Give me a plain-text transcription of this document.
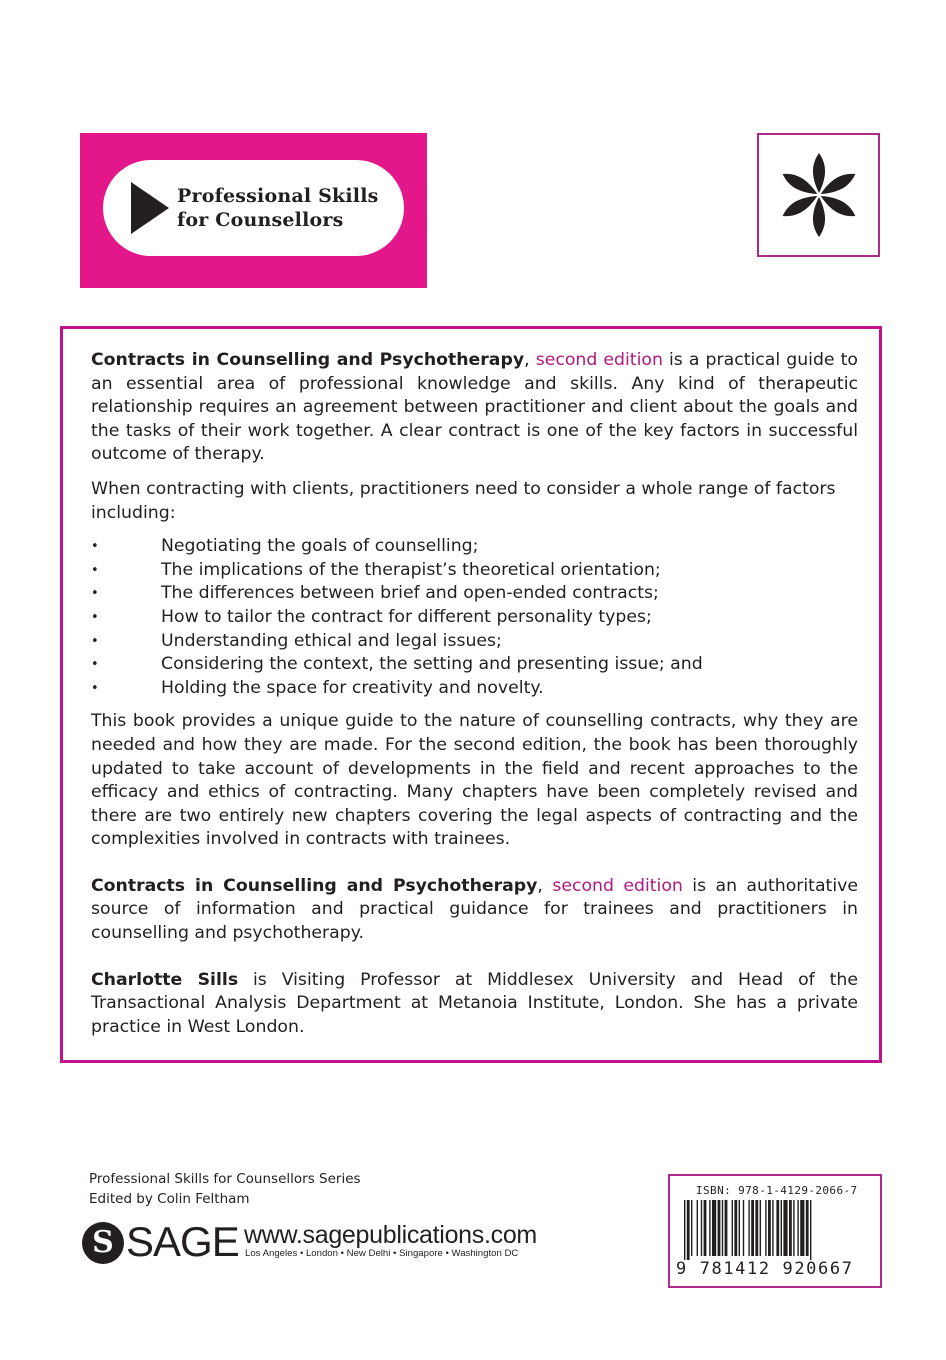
Professional Skills
for Counsellors

Contracts in Counselling and Psychotherapy, second edition is a practical guide to an essential area of professional knowledge and skills. Any kind of therapeutic relationship requires an agreement between practitioner and client about the goals and the tasks of their work together. A clear contract is one of the key factors in successful outcome of therapy.

When contracting with clients, practitioners need to consider a whole range of factors including:

• Negotiating the goals of counselling;
• The implications of the therapist’s theoretical orientation;
• The differences between brief and open-ended contracts;
• How to tailor the contract for different personality types;
• Understanding ethical and legal issues;
• Considering the context, the setting and presenting issue; and
• Holding the space for creativity and novelty.

This book provides a unique guide to the nature of counselling contracts, why they are needed and how they are made. For the second edition, the book has been thoroughly updated to take account of developments in the field and recent approaches to the efficacy and ethics of contracting. Many chapters have been completely revised and there are two entirely new chapters covering the legal aspects of contracting and the complexities involved in contracts with trainees.

Contracts in Counselling and Psychotherapy, second edition is an authoritative source of information and practical guidance for trainees and practitioners in counselling and psychotherapy.

Charlotte Sills is Visiting Professor at Middlesex University and Head of the Transactional Analysis Department at Metanoia Institute, London. She has a private practice in West London.

Professional Skills for Counsellors Series
Edited by Colin Feltham
S SAGE www.sagepublications.com
Los Angeles • London • New Delhi • Singapore • Washington DC
ISBN: 978-1-4129-2066-7
9 781412 920667
